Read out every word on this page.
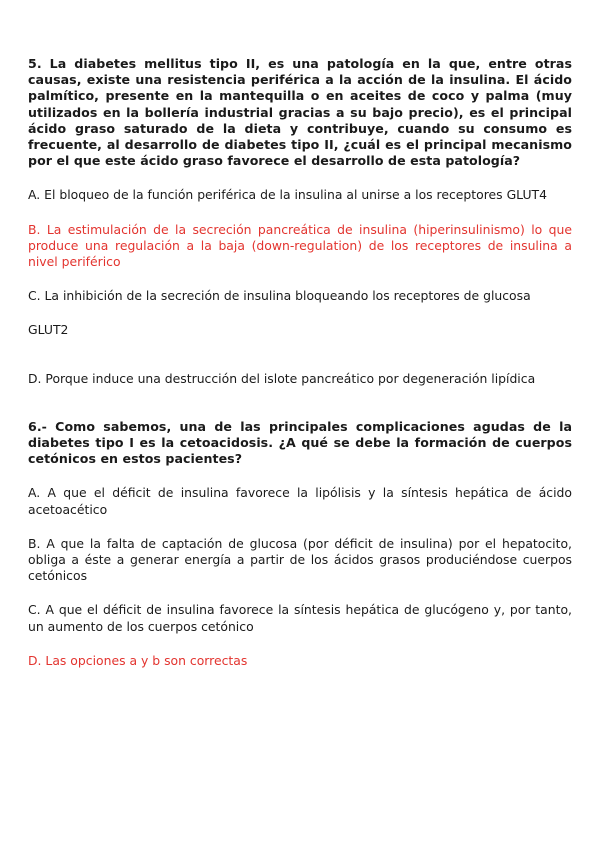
5. La diabetes mellitus tipo II, es una patología en la que, entre otras causas, existe una resistencia periférica a la acción de la insulina. El ácido palmítico, presente en la mantequilla o en aceites de coco y palma (muy utilizados en la bollería industrial gracias a su bajo precio), es el principal ácido graso saturado de la dieta y contribuye, cuando su consumo es frecuente, al desarrollo de diabetes tipo II, ¿cuál es el principal mecanismo por el que este ácido graso favorece el desarrollo de esta patología?

A. El bloqueo de la función periférica de la insulina al unirse a los receptores GLUT4

B. La estimulación de la secreción pancreática de insulina (hiperinsulinismo) lo que produce una regulación a la baja (down-regulation) de los receptores de insulina a nivel periférico

C. La inhibición de la secreción de insulina bloqueando los receptores de glucosa

GLUT2

D. Porque induce una destrucción del islote pancreático por degeneración lipídica

6.- Como sabemos, una de las principales complicaciones agudas de la diabetes tipo I es la cetoacidosis. ¿A qué se debe la formación de cuerpos cetónicos en estos pacientes?

A. A que el déficit de insulina favorece la lipólisis y la síntesis hepática de ácido acetoacético

B. A que la falta de captación de glucosa (por déficit de insulina) por el hepatocito, obliga a éste a generar energía a partir de los ácidos grasos produciéndose cuerpos cetónicos

C. A que el déficit de insulina favorece la síntesis hepática de glucógeno y, por tanto, un aumento de los cuerpos cetónico

D. Las opciones a y b son correctas
